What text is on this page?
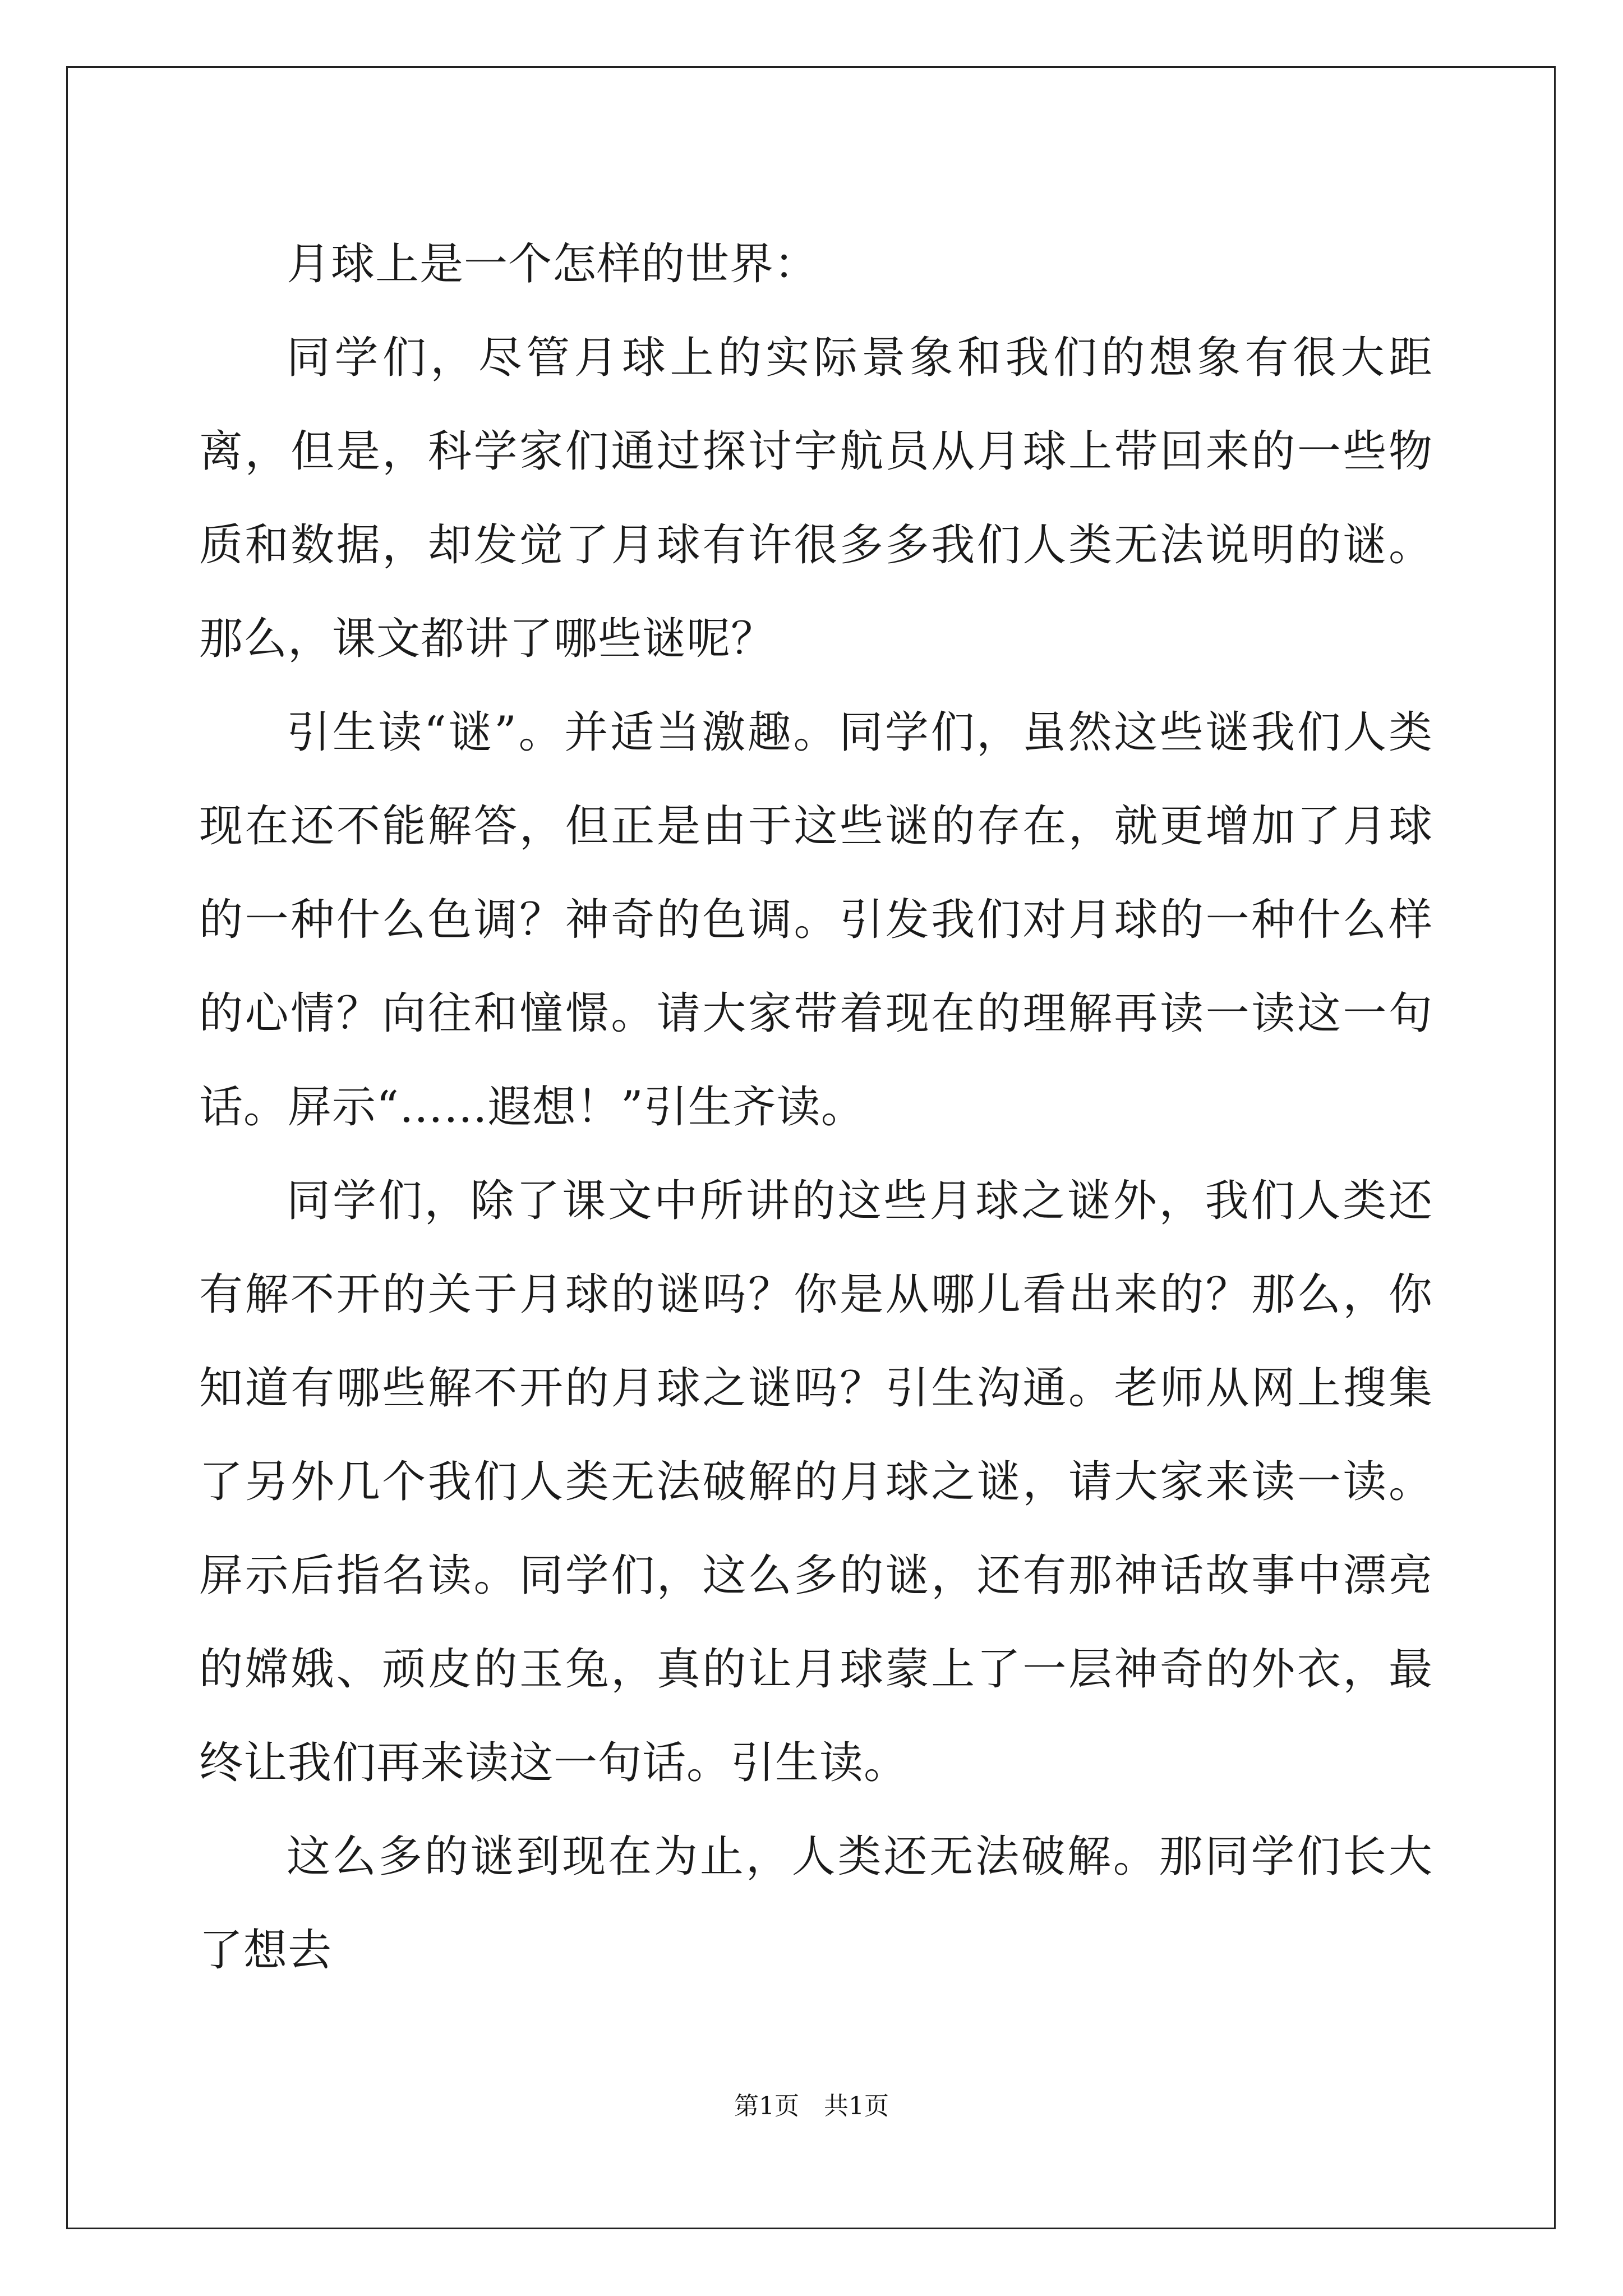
月球上是一个怎样的世界：

同学们，尽管月球上的实际景象和我们的想象有很大距离，但是，科学家们通过探讨宇航员从月球上带回来的一些物质和数据，却发觉了月球有许很多多我们人类无法说明的谜。那么，课文都讲了哪些谜呢？

引生读“谜”。并适当激趣。同学们，虽然这些谜我们人类现在还不能解答，但正是由于这些谜的存在，就更增加了月球的一种什么色调？神奇的色调。引发我们对月球的一种什么样的心情？向往和憧憬。请大家带着现在的理解再读一读这一句话。屏示“……遐想！”引生齐读。

同学们，除了课文中所讲的这些月球之谜外，我们人类还有解不开的关于月球的谜吗？你是从哪儿看出来的？那么，你知道有哪些解不开的月球之谜吗？引生沟通。老师从网上搜集了另外几个我们人类无法破解的月球之谜，请大家来读一读。屏示后指名读。同学们，这么多的谜，还有那神话故事中漂亮的嫦娥、顽皮的玉兔，真的让月球蒙上了一层神奇的外衣，最终让我们再来读这一句话。引生读。

这么多的谜到现在为止，人类还无法破解。那同学们长大了想去

第1页　共1页
